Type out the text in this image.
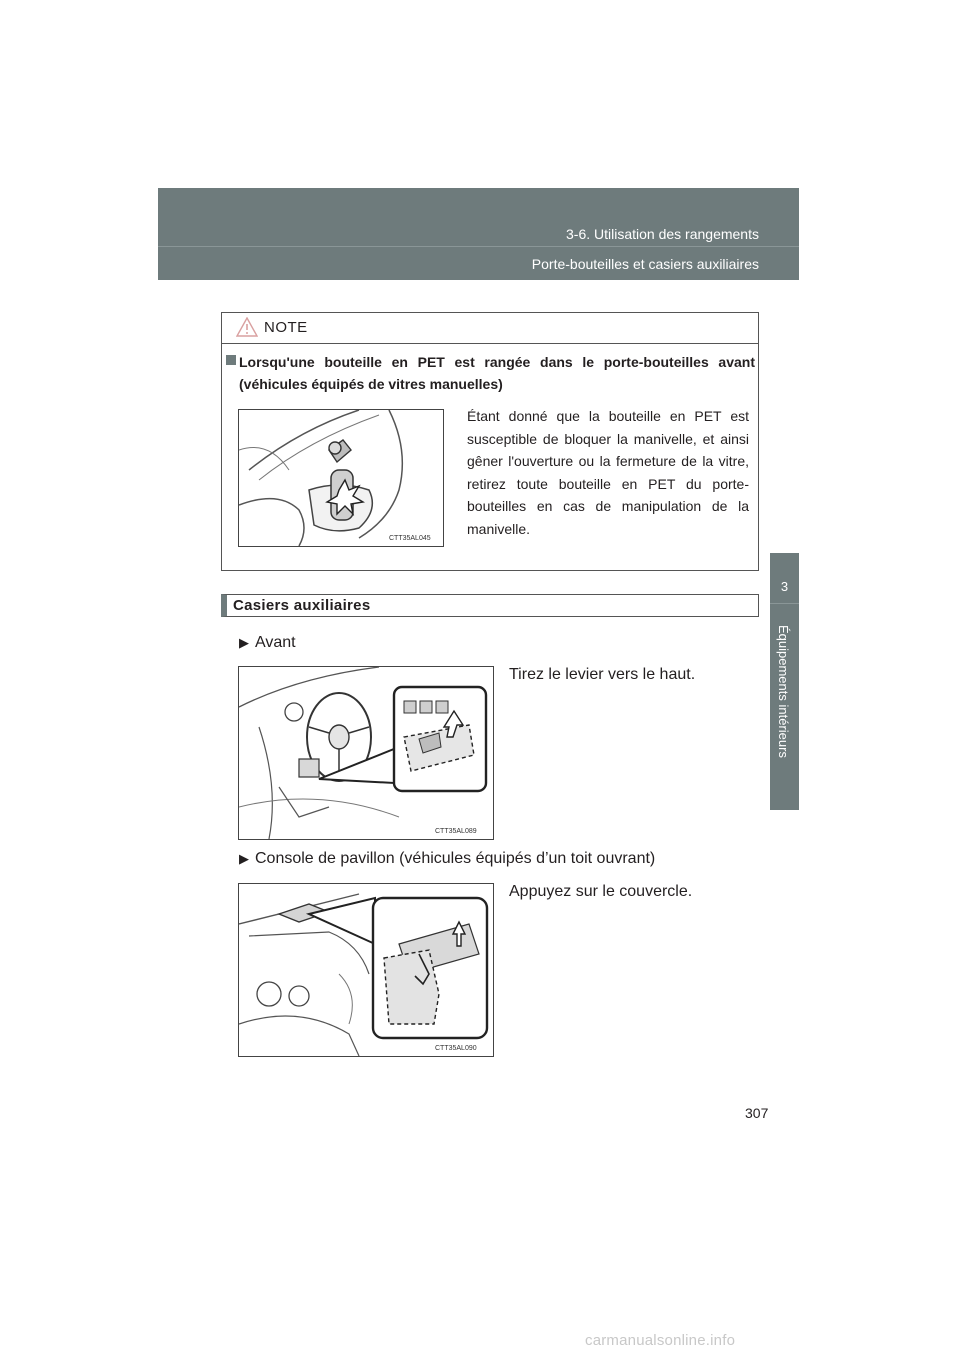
3-6. Utilisation des rangements
Porte-bouteilles et casiers auxiliaires
3
Équipements intérieurs
NOTE
Lorsqu'une bouteille en PET est rangée dans le porte-bouteilles avant (véhicules équipés de vitres manuelles)
CTT35AL045
Étant donné que la bouteille en PET est susceptible de bloquer la manivelle, et ainsi gêner l'ouverture ou la fermeture de la vitre, retirez toute bouteille en PET du porte-bouteilles en cas de manipulation de la manivelle.
Casiers auxiliaires
▶ Avant
Tirez le levier vers le haut.
CTT35AL089
▶ Console de pavillon (véhicules équipés d’un toit ouvrant)
Appuyez sur le couvercle.
CTT35AL090
307
carmanualsonline.info
